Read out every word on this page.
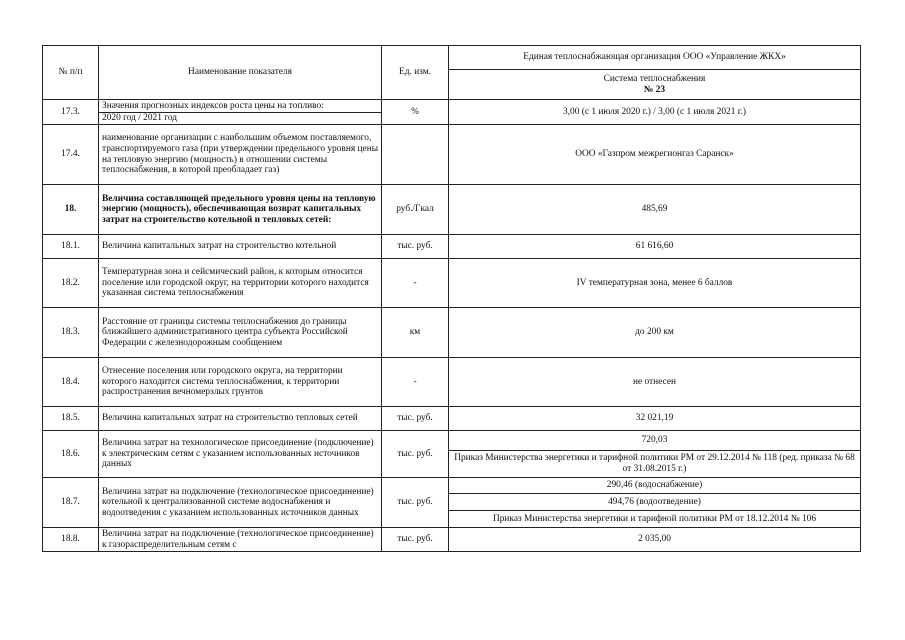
№ п/п	Наименование показателя	Ед. изм.	Единая теплоснабжающая организация ООО «Управление ЖКХ»

			Система теплоснабжения
№ 23

17.3.	Значения прогнозных индексов роста цены на топливо:	%	3,00 (с 1 июля 2020 г.) / 3,00 (с 1 июля 2021 г.)
	2020 год / 2021 год		
17.4.	наименование организации с наибольшим объемом поставляемого, транспортируемого газа (при утверждении предельного уровня цены на тепловую энергию (мощность) в отношении системы теплоснабжения, в которой преобладает газ)		ООО «Газпром межрегионгаз Саранск»
18.	Величина составляющей предельного уровня цены на тепловую энергию (мощность), обеспечивающая возврат капитальных затрат на строительство котельной и тепловых сетей:	руб./Гкал	485,69
18.1.	Величина капитальных затрат на строительство котельной	тыс. руб.	61 616,60
18.2.	Температурная зона и сейсмический район, к которым относится поселение или городской округ, на территории которого находится указанная система теплоснабжения	-	IV температурная зона, менее 6 баллов
18.3.	Расстояние от границы системы теплоснабжения до границы ближайшего административного центра субъекта Российской Федерации с железнодорожным сообщением	км	до 200 км
18.4.	Отнесение поселения или городского округа, на территории которого находится система теплоснабжения, к территории распространения вечномерзлых грунтов	-	не отнесен
18.5.	Величина капитальных затрат на строительство тепловых сетей	тыс. руб.	32 021,19
18.6.	Величина затрат на технологическое присоединение (подключение) к электрическим сетям с указанием использованных источников данных	тыс. руб.	720,03
			Приказ Министерства энергетики и тарифной политики РМ от 29.12.2014 № 118 (ред. приказа № 68 от 31.08.2015 г.)
18.7.	Величина затрат на подключение (технологическое присоединение) котельной к централизованной системе водоснабжения и водоотведения с указанием использованных источников данных	тыс. руб.	290,46 (водоснабжение)
			494,76 (водоотведение)
			Приказ Министерства энергетики и тарифной политики РМ от 18.12.2014 № 106
18.8.	Величина затрат на подключение (технологическое присоединение) к газораспределительным сетям с	тыс. руб.	2 035,00
